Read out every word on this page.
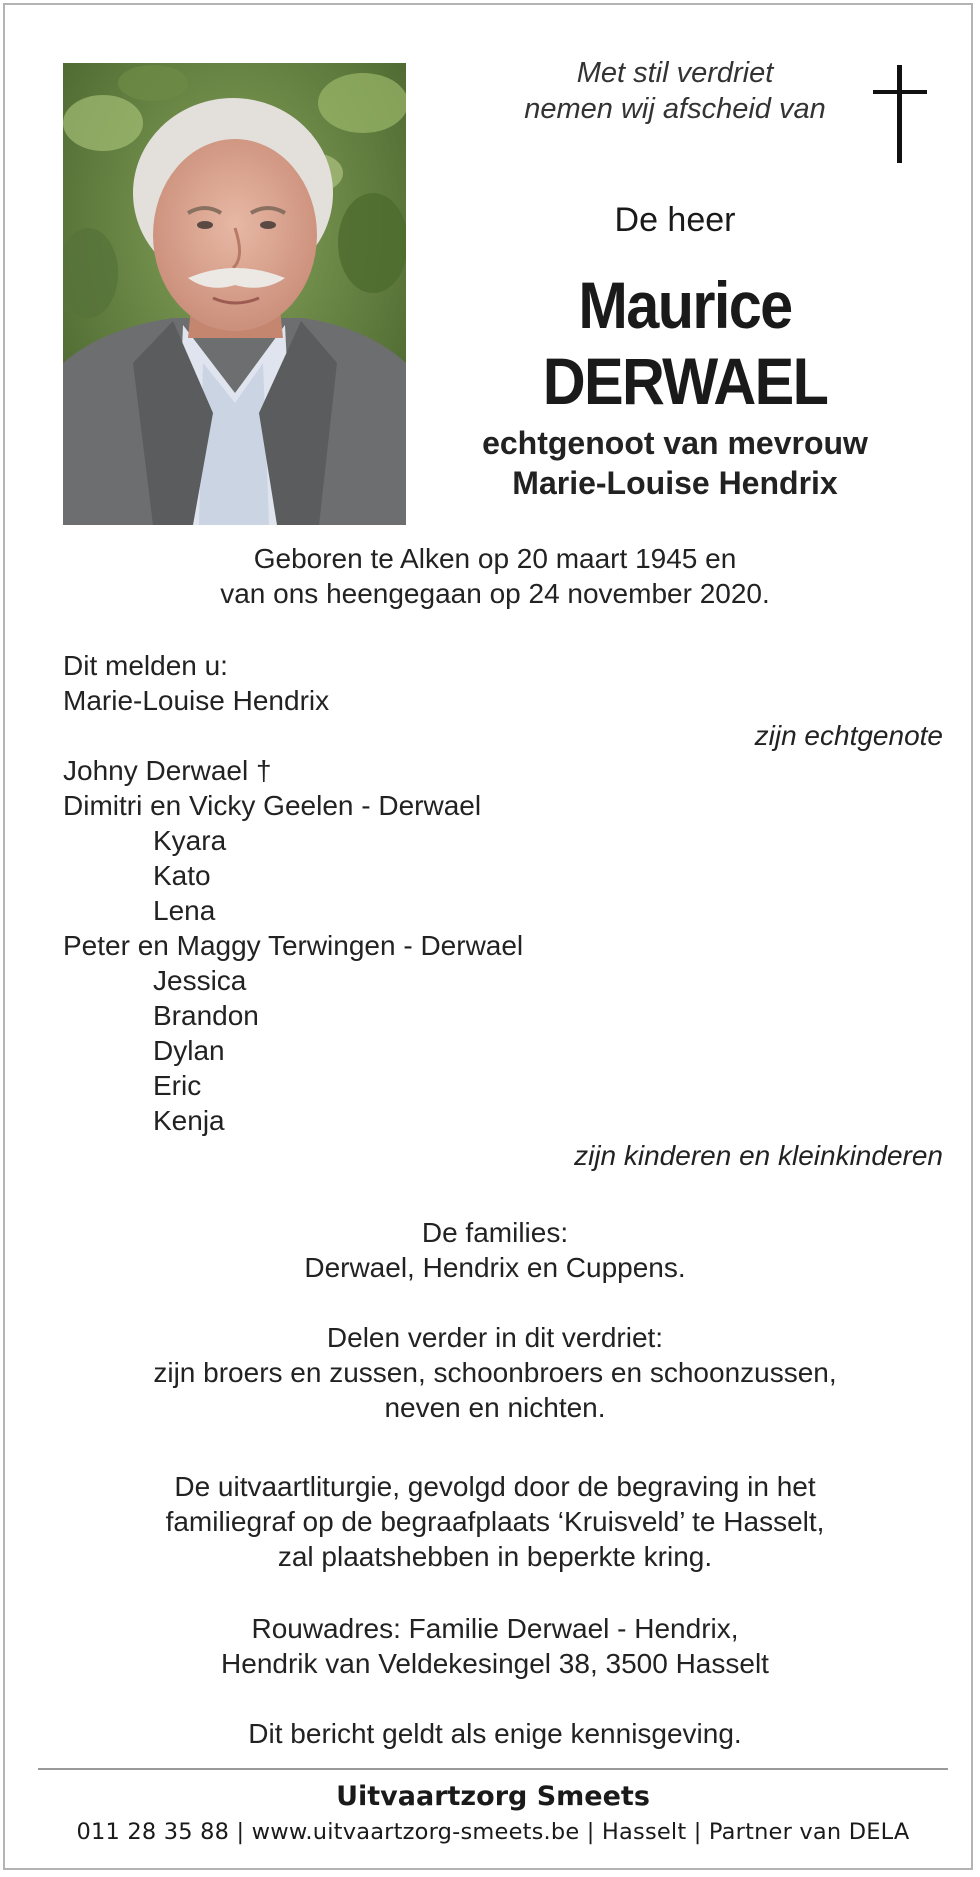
Met stil verdriet
nemen wij afscheid van
De heer
Maurice DERWAEL
echtgenoot van mevrouw
Marie-Louise Hendrix
Geboren te Alken op 20 maart 1945 en
van ons heengegaan op 24 november 2020.
Dit melden u:
Marie-Louise Hendrix
zijn echtgenote
Johny Derwael †
Dimitri en Vicky Geelen - Derwael
Kyara
Kato
Lena
Peter en Maggy Terwingen - Derwael
Jessica
Brandon
Dylan
Eric
Kenja
zijn kinderen en kleinkinderen
De families:
Derwael, Hendrix en Cuppens.
Delen verder in dit verdriet:
zijn broers en zussen, schoonbroers en schoonzussen,
neven en nichten.
De uitvaartliturgie, gevolgd door de begraving in het
familiegraf op de begraafplaats ‘Kruisveld’ te Hasselt,
zal plaatshebben in beperkte kring.
Rouwadres: Familie Derwael - Hendrix,
Hendrik van Veldekesingel 38, 3500 Hasselt
Dit bericht geldt als enige kennisgeving.
Uitvaartzorg Smeets
011 28 35 88 | www.uitvaartzorg-smeets.be | Hasselt | Partner van DELA
